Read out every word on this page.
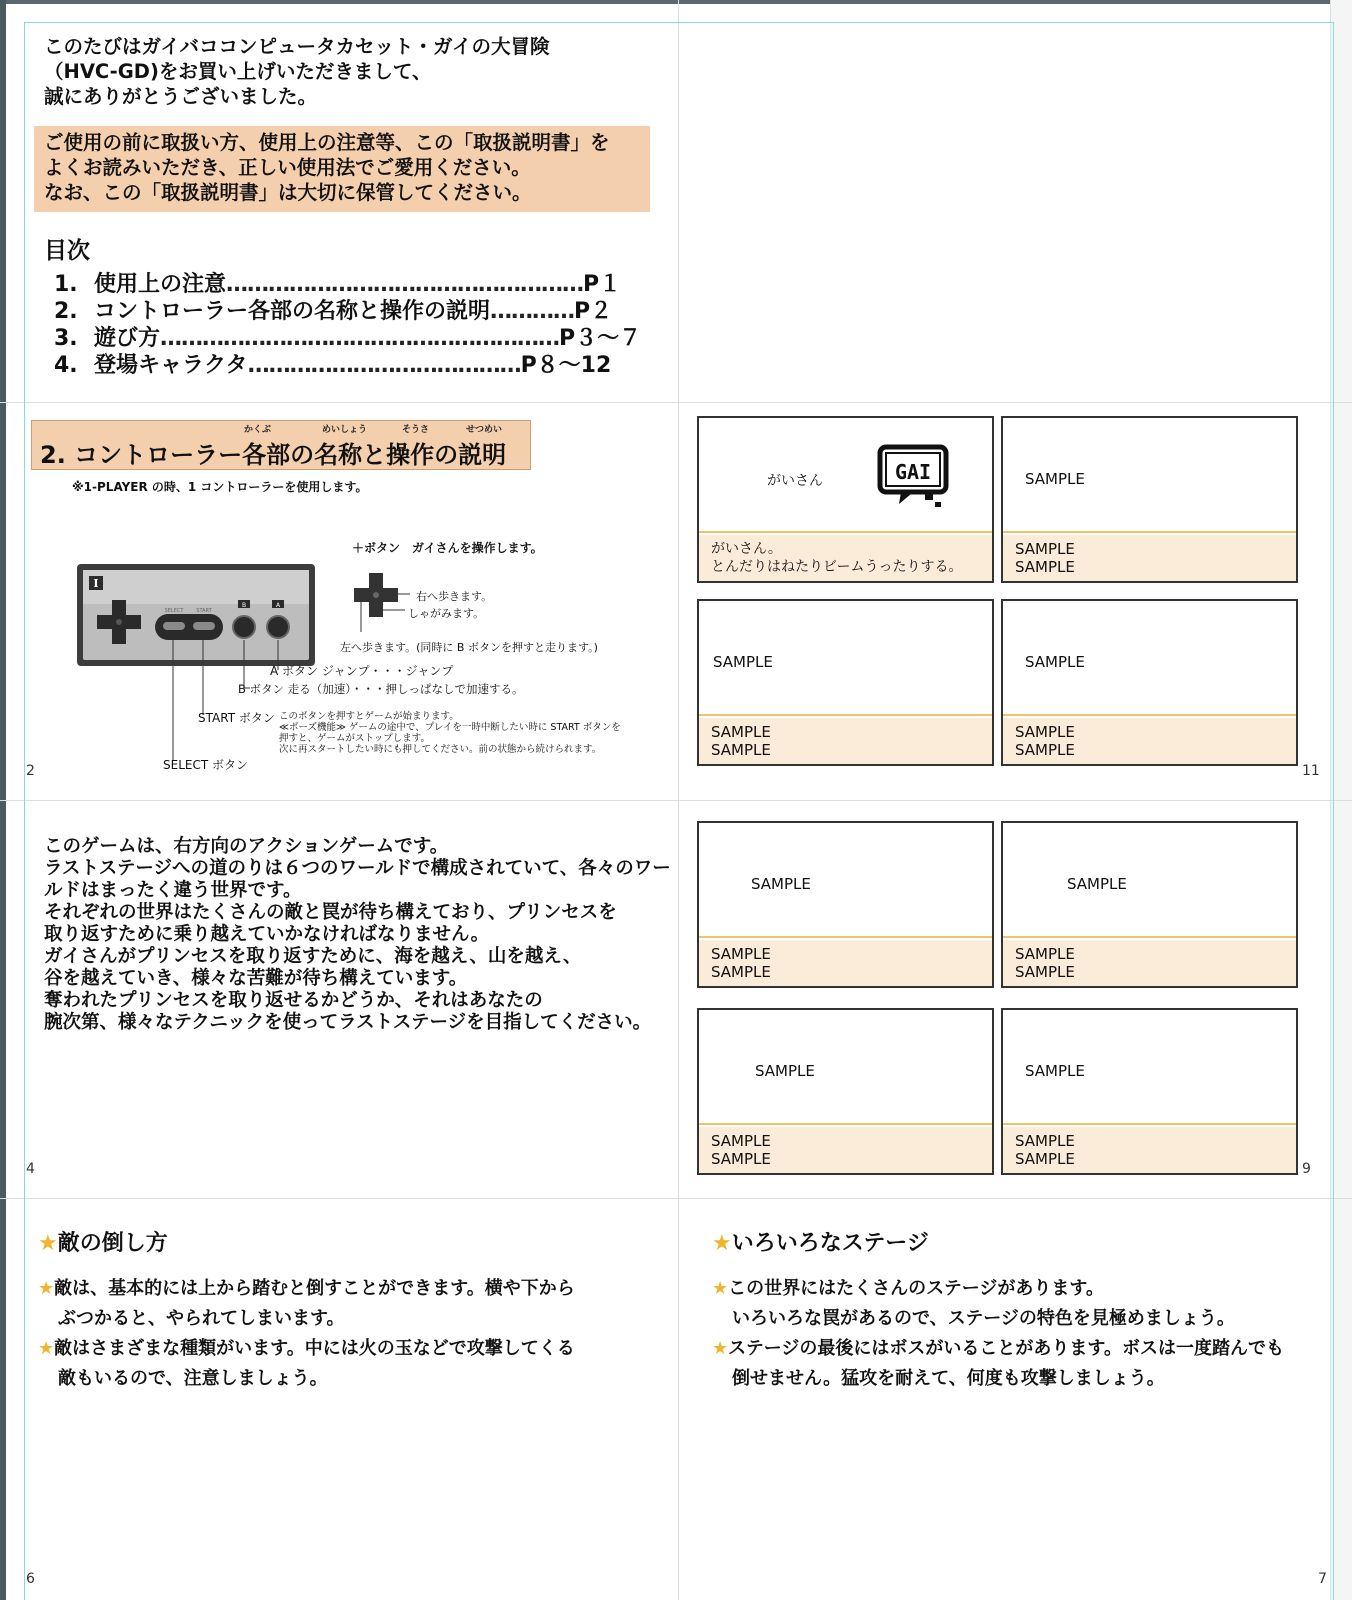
このたびはガイバココンピュータカセット・ガイの大冒険
（HVC-GD)をお買い上げいただきまして、
誠にありがとうございました。
ご使用の前に取扱い方、使用上の注意等、この「取扱説明書」を
よくお読みいただき、正しい使用法でご愛用ください。
なお、この「取扱説明書」は大切に保管してください。
目次
1. 使用上の注意……………………………………………P１
2. コントローラー各部の名称と操作の説明…………P２
3. 遊び方…………………………………………………P３〜７
4. 登場キャラクタ…………………………………P８〜12
かくぶ	めいしょう	そうさ	せつめい
2. コントローラー各部の名称と操作の説明
※1-PLAYER の時、1 コントローラーを使用します。
I
SELECT	START
B	A
＋ボタン　ガイさんを操作します。
右へ歩きます。
しゃがみます。
左へ歩きます。(同時に B ボタンを押すと走ります。)
A ボタン ジャンプ・・・ジャンプ
B ボタン 走る（加速）・・・押しっぱなしで加速する。
START ボタン このボタンを押すとゲームが始まります。
≪ポーズ機能≫ ゲームの途中で、プレイを一時中断したい時に START ボタンを
押すと、ゲームがストップします。
次に再スタートしたい時にも押してください。前の状態から続けられます。
SELECT ボタン
2
がいさん	GAI
がいさん。
とんだりはねたりビームうったりする。
SAMPLE
SAMPLE
SAMPLE
SAMPLE
SAMPLE
SAMPLE
SAMPLE
SAMPLE
SAMPLE
11
このゲームは、右方向のアクションゲームです。
ラストステージへの道のりは６つのワールドで構成されていて、各々のワー
ルドはまったく違う世界です。
それぞれの世界はたくさんの敵と罠が待ち構えており、プリンセスを
取り返すために乗り越えていかなければなりません。
ガイさんがプリンセスを取り返すために、海を越え、山を越え、
谷を越えていき、様々な苦難が待ち構えています。
奪われたプリンセスを取り返せるかどうか、それはあなたの
腕次第、様々なテクニックを使ってラストステージを目指してください。
4
SAMPLE
SAMPLE
SAMPLE
SAMPLE
SAMPLE
SAMPLE
SAMPLE
SAMPLE
SAMPLE
SAMPLE
SAMPLE
SAMPLE
9
★敵の倒し方
★敵は、基本的には上から踏むと倒すことができます。横や下から
ぶつかると、やられてしまいます。
★敵はさまざまな種類がいます。中には火の玉などで攻撃してくる
敵もいるので、注意しましょう。
6
★いろいろなステージ
★この世界にはたくさんのステージがあります。
いろいろな罠があるので、ステージの特色を見極めましょう。
★ステージの最後にはボスがいることがあります。ボスは一度踏んでも
倒せません。猛攻を耐えて、何度も攻撃しましょう。
7
